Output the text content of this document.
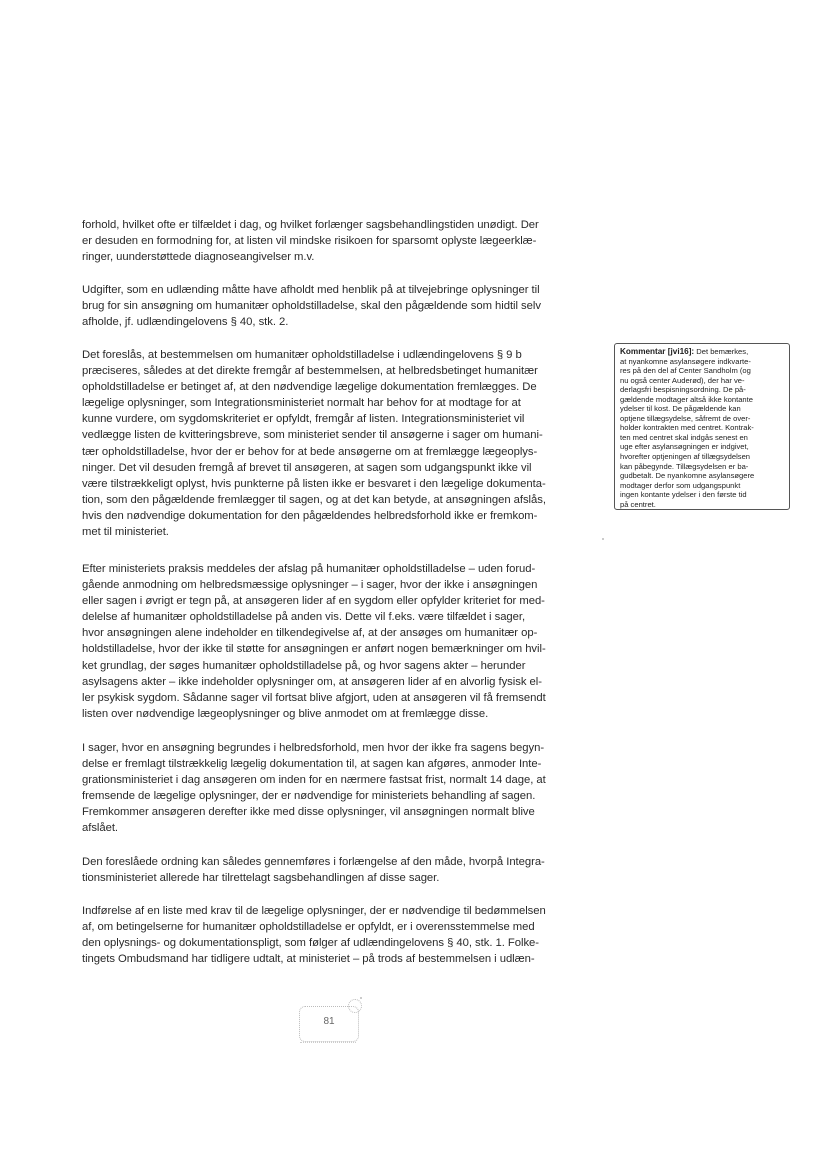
forhold, hvilket ofte er tilfældet i dag, og hvilket forlænger sagsbehandlingstiden unødigt. Der
er desuden en formodning for, at listen vil mindske risikoen for sparsomt oplyste lægeerklæ-
ringer, uunderstøttede diagnoseangivelser m.v.
Udgifter, som en udlænding måtte have afholdt med henblik på at tilvejebringe oplysninger til
brug for sin ansøgning om humanitær opholdstilladelse, skal den pågældende som hidtil selv
afholde, jf. udlændingelovens § 40, stk. 2.
Det foreslås, at bestemmelsen om humanitær opholdstilladelse i udlændingelovens § 9 b
præciseres, således at det direkte fremgår af bestemmelsen, at helbredsbetinget humanitær
opholdstilladelse er betinget af, at den nødvendige lægelige dokumentation fremlægges. De
lægelige oplysninger, som Integrationsministeriet normalt har behov for at modtage for at
kunne vurdere, om sygdomskriteriet er opfyldt, fremgår af listen. Integrationsministeriet vil
vedlægge listen de kvitteringsbreve, som ministeriet sender til ansøgerne i sager om humani-
tær opholdstilladelse, hvor der er behov for at bede ansøgerne om at fremlægge lægeoplys-
ninger. Det vil desuden fremgå af brevet til ansøgeren, at sagen som udgangspunkt ikke vil
være tilstrækkeligt oplyst, hvis punkterne på listen ikke er besvaret i den lægelige dokumenta-
tion, som den pågældende fremlægger til sagen, og at det kan betyde, at ansøgningen afslås,
hvis den nødvendige dokumentation for den pågældendes helbredsforhold ikke er fremkom-
met til ministeriet.
Efter ministeriets praksis meddeles der afslag på humanitær opholdstilladelse – uden forud-
gående anmodning om helbredsmæssige oplysninger – i sager, hvor der ikke i ansøgningen
eller sagen i øvrigt er tegn på, at ansøgeren lider af en sygdom eller opfylder kriteriet for med-
delelse af humanitær opholdstilladelse på anden vis. Dette vil f.eks. være tilfældet i sager,
hvor ansøgningen alene indeholder en tilkendegivelse af, at der ansøges om humanitær op-
holdstilladelse, hvor der ikke til støtte for ansøgningen er anført nogen bemærkninger om hvil-
ket grundlag, der søges humanitær opholdstilladelse på, og hvor sagens akter – herunder
asylsagens akter – ikke indeholder oplysninger om, at ansøgeren lider af en alvorlig fysisk el-
ler psykisk sygdom. Sådanne sager vil fortsat blive afgjort, uden at ansøgeren vil få fremsendt
listen over nødvendige lægeoplysninger og blive anmodet om at fremlægge disse.
I sager, hvor en ansøgning begrundes i helbredsforhold, men hvor der ikke fra sagens begyn-
delse er fremlagt tilstrækkelig lægelig dokumentation til, at sagen kan afgøres, anmoder Inte-
grationsministeriet i dag ansøgeren om inden for en nærmere fastsat frist, normalt 14 dage, at
fremsende de lægelige oplysninger, der er nødvendige for ministeriets behandling af sagen.
Fremkommer ansøgeren derefter ikke med disse oplysninger, vil ansøgningen normalt blive
afslået.
Den foreslåede ordning kan således gennemføres i forlængelse af den måde, hvorpå Integra-
tionsministeriet allerede har tilrettelagt sagsbehandlingen af disse sager.
Indførelse af en liste med krav til de lægelige oplysninger, der er nødvendige til bedømmelsen
af, om betingelserne for humanitær opholdstilladelse er opfyldt, er i overensstemmelse med
den oplysnings- og dokumentationspligt, som følger af udlændingelovens § 40, stk. 1. Folke-
tingets Ombudsmand har tidligere udtalt, at ministeriet – på trods af bestemmelsen i udlæn-
Kommentar [jvi16]: Det bemærkes,
at nyankomne asylansøgere indkvarte-
res på den del af Center Sandholm (og
nu også center Auderød), der har ve-
derlagsfri bespisningsordning. De på-
gældende modtager altså ikke kontante
ydelser til kost. De pågældende kan
optjene tillægsydelse, såfremt de over-
holder kontrakten med centret. Kontrak-
ten med centret skal indgås senest en
uge efter asylansøgningen er indgivet,
hvorefter optjeningen af tillægsydelsen
kan påbegynde. Tillægsydelsen er ba-
gudbetalt. De nyankomne asylansøgere
modtager derfor som udgangspunkt
ingen kontante ydelser i den første tid
på centret.
81
